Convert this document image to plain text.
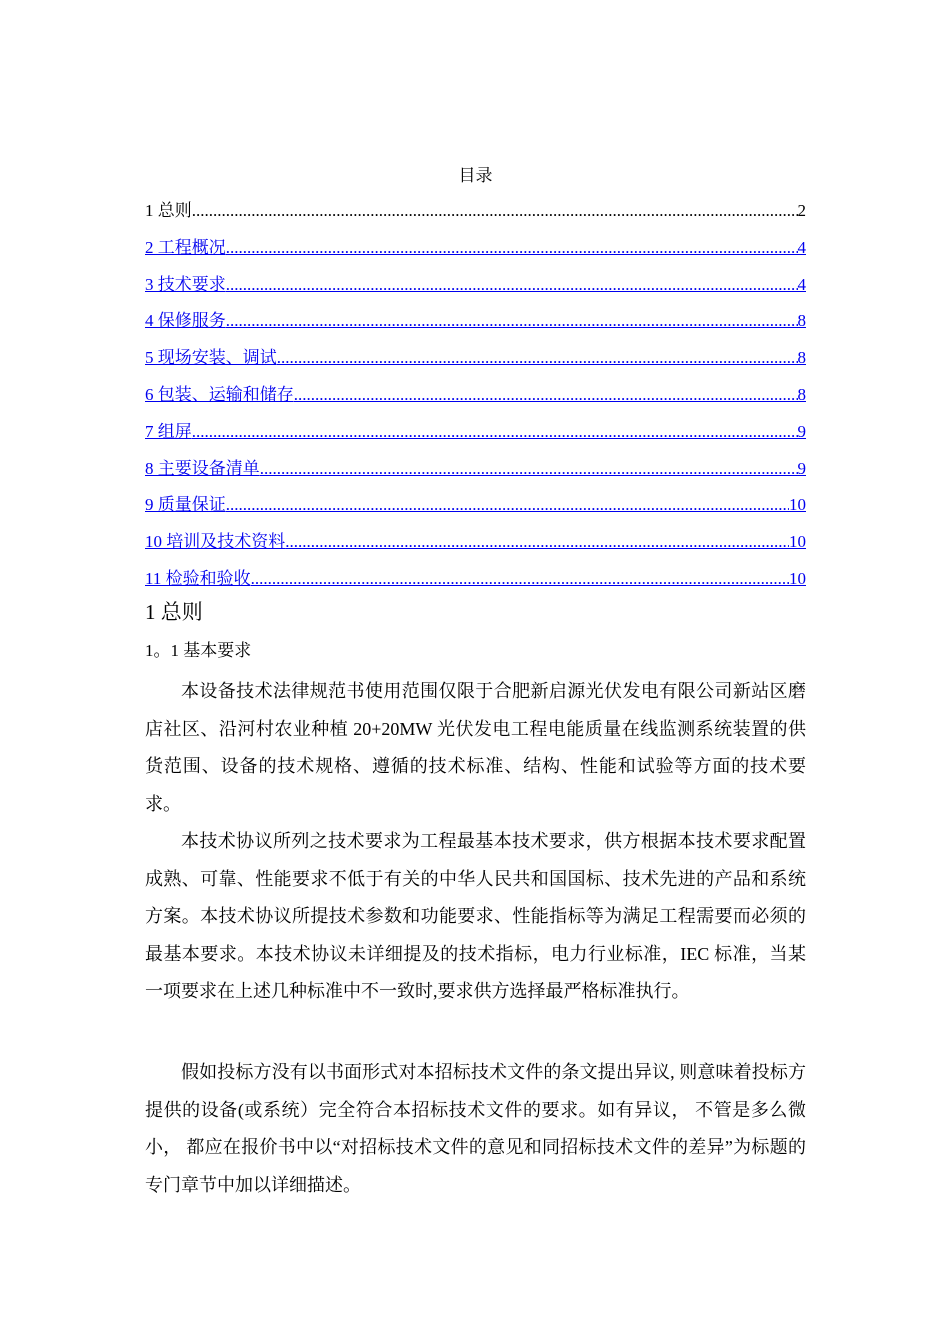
目录
1 总则 .....	2
2 工程概况 .....	4
3 技术要求 .....	4
4 保修服务 .....	8
5 现场安装、调试 .....	8
6 包装、运输和储存 .....	8
7 组屏 .....	9
8 主要设备清单 .....	9
9 质量保证 .....	10
10 培训及技术资料 .....	10
11 检验和验收 .....	10
1 总则
1。1 基本要求

本设备技术法律规范书使用范围仅限于合肥新启源光伏发电有限公司新站区磨店社区、沿河村农业种植 20+20MW 光伏发电工程电能质量在线监测系统装置的供货范围、设备的技术规格、遵循的技术标准、结构、性能和试验等方面的技术要求。

本技术协议所列之技术要求为工程最基本技术要求，供方根据本技术要求配置成熟、可靠、性能要求不低于有关的中华人民共和国国标、技术先进的产品和系统方案。本技术协议所提技术参数和功能要求、性能指标等为满足工程需要而必须的最基本要求。本技术协议未详细提及的技术指标，电力行业标准，IEC 标准，当某一项要求在上述几种标准中不一致时,要求供方选择最严格标准执行。

假如投标方没有以书面形式对本招标技术文件的条文提出异议, 则意味着投标方提供的设备(或系统）完全符合本招标技术文件的要求。如有异议， 不管是多么微小， 都应在报价书中以“对招标技术文件的意见和同招标技术文件的差异”为标题的专门章节中加以详细描述。
